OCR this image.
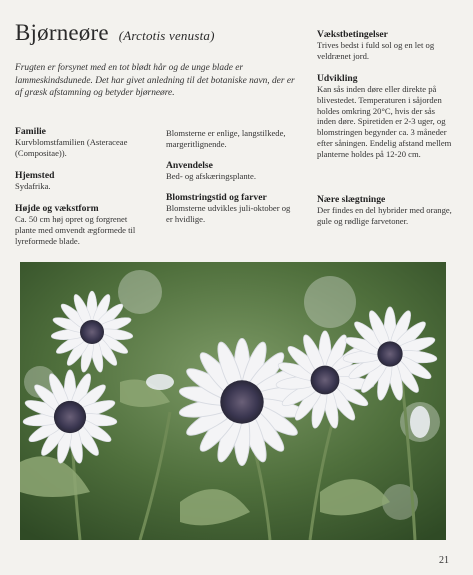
Bjørneøre (Arctotis venusta)
Frugten er forsynet med en tot blødt hår og de unge blade er lammeskindsdunede. Det har givet anledning til det botaniske navn, der er af græsk afstamning og betyder bjørneøre.
Familie

Kurvblomstfamilien (Asteraceae (Compositae)).

Hjemsted

Sydafrika.

Højde og vækstform

Ca. 50 cm høj opret og forgrenet plante med omvendt ægformede til lyreformede blade.

Blomsterne er enlige, langstilkede, margeritlignende.

Anvendelse

Bed- og afskæringsplante.

Blomstringstid og farver

Blomsterne udvikles juli-oktober og er hvidlige.

Vækstbetingelser

Trives bedst i fuld sol og en let og veldrænet jord.

Udvikling

Kan sås inden døre eller direkte på blivestedet. Temperaturen i såjorden holdes omkring 20°C, hvis der sås inden døre. Spiretiden er 2-3 uger, og blomstringen begynder ca. 3 måneder efter såningen. Endelig afstand mellem planterne holdes på 12-20 cm.

Nære slægtninge

Der findes en del hybrider med orange, gule og rødlige farvetoner.

21
